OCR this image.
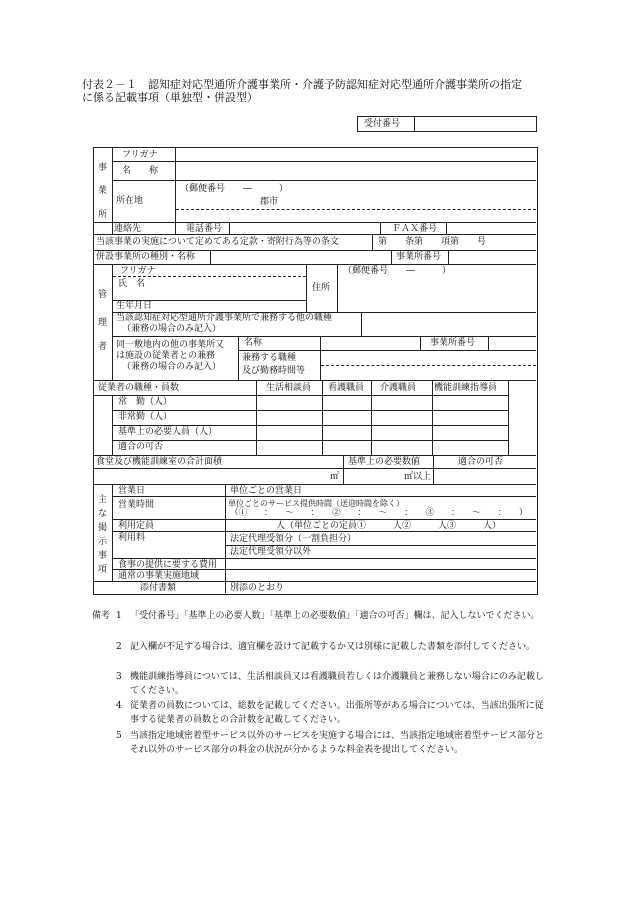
付表２－１　認知症対応型通所介護事業所・介護予防認知症対応型通所介護事業所の指定
に係る記載事項（単独型・併設型）
受付番号
事
業
所
フリガナ
名　　称
所在地
（郵便番号　　―　　　）
郡市
連絡先	電話番号	ＦＡＸ番号
当該事業の実施について定めてある定款・寄附行為等の条文	第　　条第　　項第　　号
併設事業所の種別・名称	事業所番号
管
理
者
フリガナ
氏　名
生年月日
住所
（郵便番号　　―　　　）
当該認知症対応型通所介護事業所で兼務する他の職種
（兼務の場合のみ記入）
同一敷地内の他の事業所又
は施設の従業者との兼務
（兼務の場合のみ記入）
名称	事業所番号
兼務する職種
及び勤務時間等
従業者の職種・員数	生活相談員 看護職員 介護職員 機能訓練指導員
常　勤（人）
非常勤（人）
基準上の必要人員（人）
適合の可否
食堂及び機能訓練室の合計面積
㎡
基準上の必要数値
㎡以上
適合の可否
主
な
掲
示
事
項
営業日	単位ごとの営業日
営業時間	単位ごとのサービス提供時間（送迎時間を除く）
（①　　：　　～　　：　　②　　：　　～　　：　　③　　：　　～　　：　　）
利用定員	人（単位ごとの定員①　　　人②　　　人③　　　人）
利用料	法定代理受領分（一割負担分）
法定代理受領分以外
食事の提供に要する費用
通常の事業実施地域
添付書類	別添のとおり
備考 1 「受付番号」「基準上の必要人数」「基準上の必要数値」「適合の可否」欄は、記入しないでください。
2 記入欄が不足する場合は、適宜欄を設けて記載するか又は別様に記載した書類を添付してください。
3 機能訓練指導員については、生活相談員又は看護職員若しくは介護職員と兼務しない場合にのみ記載してください。
4 従業者の員数については、総数を記載してください。出張所等がある場合については、当該出張所に従事する従業者の員数との合計数を記載してください。
5 当該指定地域密着型サービス以外のサービスを実施する場合には、当該指定地域密着型サービス部分とそれ以外のサービス部分の料金の状況が分かるような料金表を提出してください。
